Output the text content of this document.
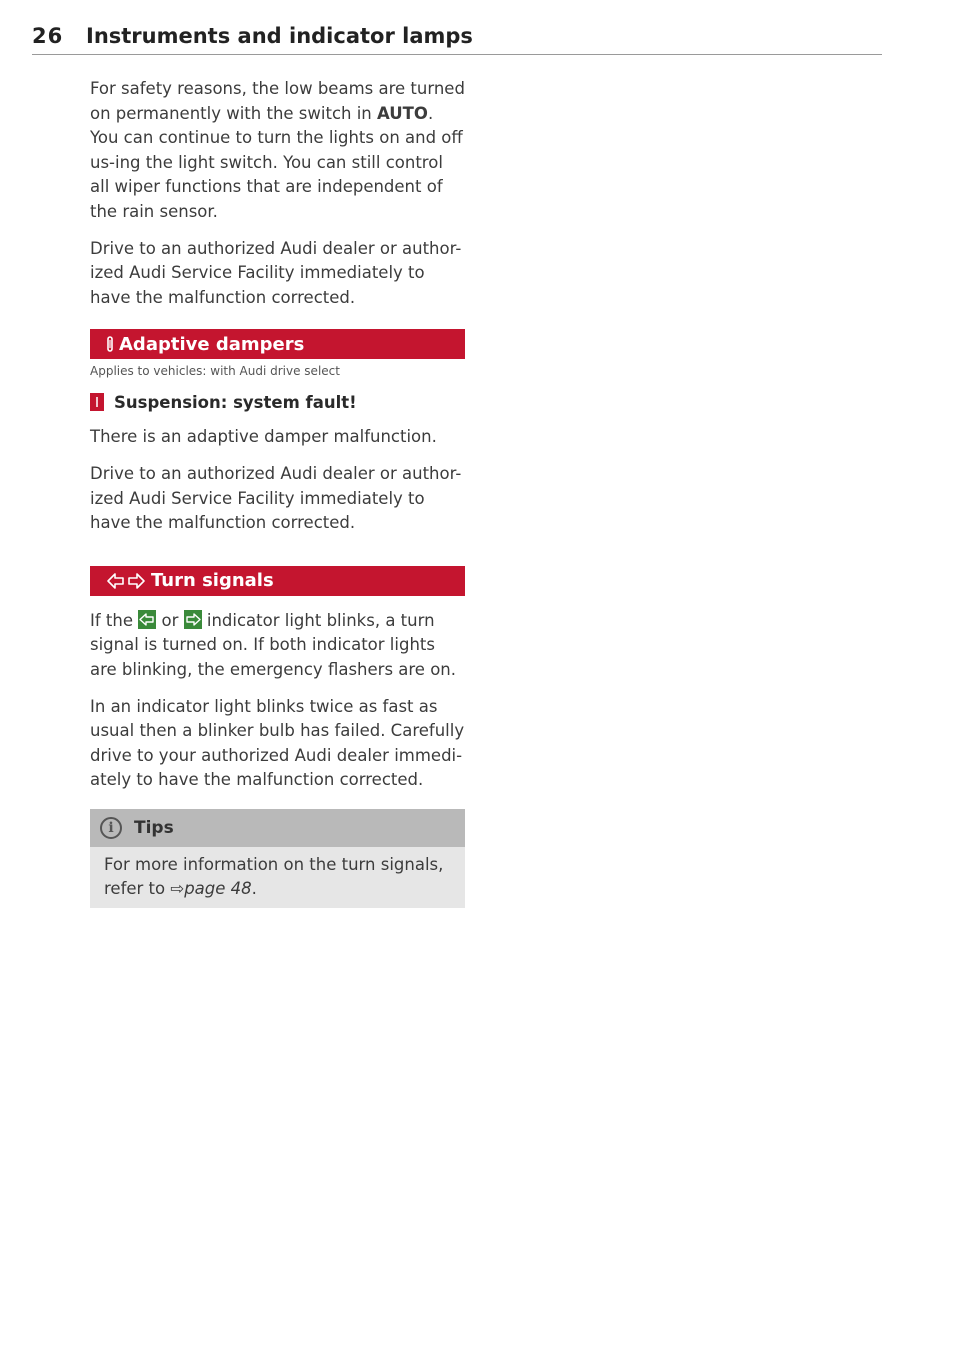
26 Instruments and indicator lamps

For safety reasons, the low beams are turned on permanently with the switch in AUTO. You can continue to turn the lights on and off us-ing the light switch. You can still control all wiper functions that are independent of the rain sensor.

Drive to an authorized Audi dealer or author-ized Audi Service Facility immediately to have the malfunction corrected.

Adaptive dampers
Applies to vehicles: with Audi drive select
Suspension: system fault!

There is an adaptive damper malfunction.

Drive to an authorized Audi dealer or author-ized Audi Service Facility immediately to have the malfunction corrected.

Turn signals

If the or indicator light blinks, a turn signal is turned on. If both indicator lights are blinking, the emergency flashers are on.

In an indicator light blinks twice as fast as usual then a blinker bulb has failed. Carefully drive to your authorized Audi dealer immedi-ately to have the malfunction corrected.

i	Tips

For more information on the turn signals, refer to ⇨page 48.
